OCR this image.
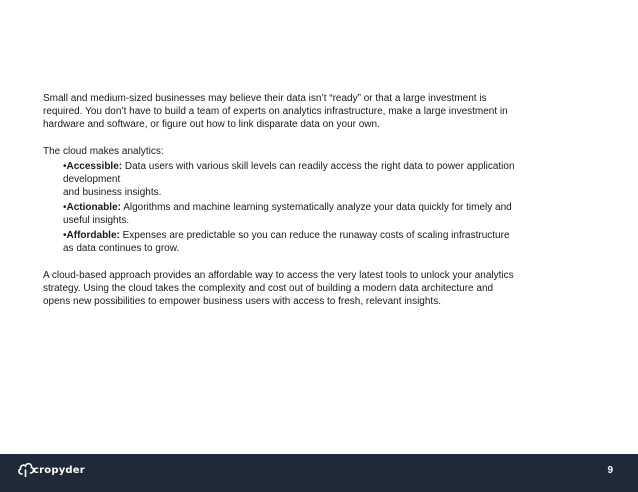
Small and medium-sized businesses may believe their data isn’t “ready” or that a large investment is required. You don’t have to build a team of experts on analytics infrastructure, make a large investment in hardware and software, or figure out how to link disparate data on your own.

The cloud makes analytics:

•Accessible: Data users with various skill levels can readily access the right data to power application development
and business insights.
•Actionable: Algorithms and machine learning systematically analyze your data quickly for timely and useful insights.
•Affordable: Expenses are predictable so you can reduce the runaway costs of scaling infrastructure as data continues to grow.

A cloud-based approach provides an affordable way to access the very latest tools to unlock your analytics strategy. Using the cloud takes the complexity and cost out of building a modern data architecture and opens new possibilities to empower business users with access to fresh, relevant insights.

cropyder	9
